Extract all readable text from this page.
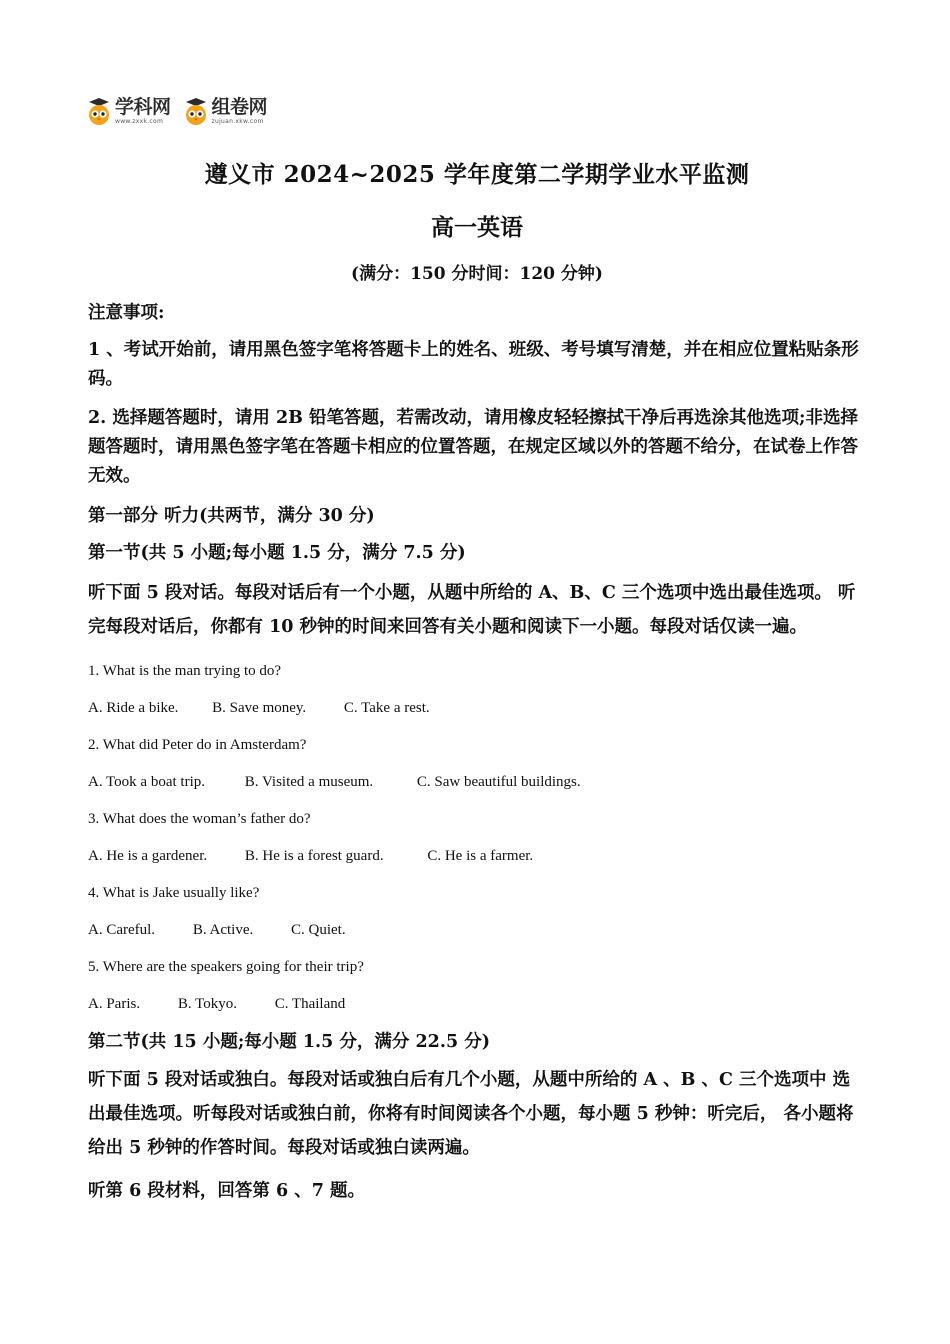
学科网
www.zxxk.com
组卷网
zujuan.xkw.com
遵义市 2024~2025 学年度第二学期学业水平监测
高一英语
(满分：150 分时间：120 分钟)
注意事项:
1 、考试开始前，请用黑色签字笔将答题卡上的姓名、班级、考号填写清楚，并在相应位置粘贴条形码。
2. 选择题答题时，请用 2B 铅笔答题，若需改动，请用橡皮轻轻擦拭干净后再选涂其他选项;非选择题答题时，请用黑色签字笔在答题卡相应的位置答题，在规定区域以外的答题不给分，在试卷上作答无效。
第一部分 听力(共两节，满分 30 分)
第一节(共 5 小题;每小题 1.5 分，满分 7.5 分)
听下面 5 段对话。每段对话后有一个小题，从题中所给的 A、B、C 三个选项中选出最佳选项。 听完每段对话后，你都有 10 秒钟的时间来回答有关小题和阅读下一小题。每段对话仅读一遍。
1. What is the man trying to do?
A. Ride a bike. B. Save money.	C. Take a rest.
2. What did Peter do in Amsterdam?
A. Took a boat trip.	B. Visited a museum.	C. Saw beautiful buildings.
3. What does the woman’s father do?
A. He is a gardener.	B. He is a forest guard.	C. He is a farmer.
4. What is Jake usually like?
A. Careful.	B. Active.	C. Quiet.
5. Where are the speakers going for their trip?
A. Paris.	B. Tokyo.	C. Thailand
第二节(共 15 小题;每小题 1.5 分，满分 22.5 分)
听下面 5 段对话或独白。每段对话或独白后有几个小题，从题中所给的 A 、B 、C 三个选项中 选出最佳选项。听每段对话或独白前，你将有时间阅读各个小题，每小题 5 秒钟：听完后， 各小题将给出 5 秒钟的作答时间。每段对话或独白读两遍。
听第 6 段材料，回答第 6 、7 题。
